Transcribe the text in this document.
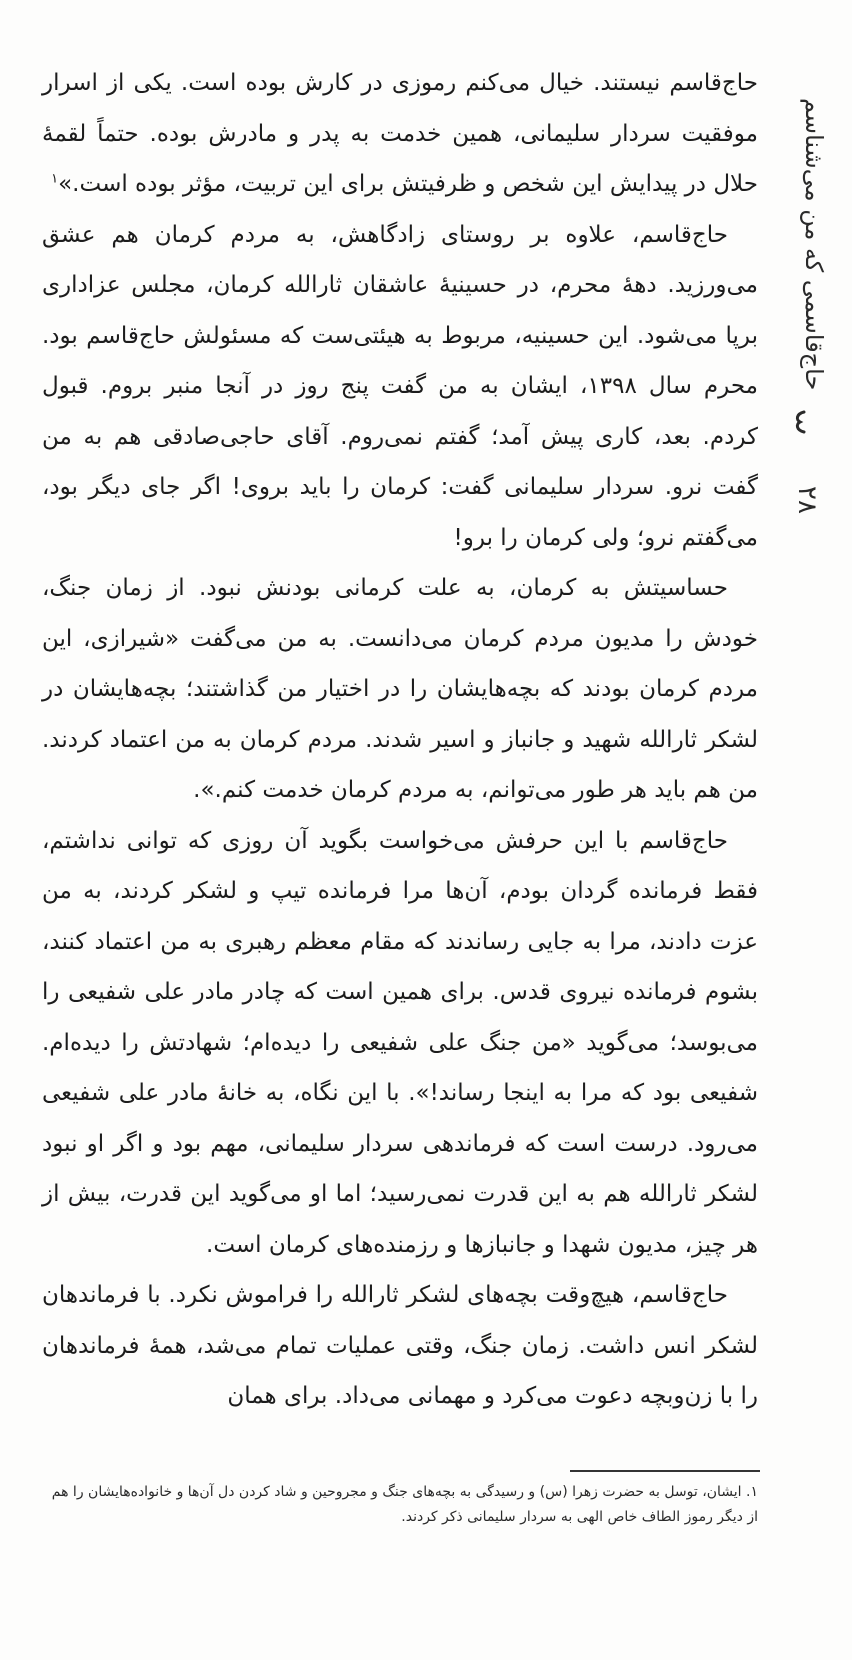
حاج‌قاسمی که من می‌شناسم
۲۸

حاج‌قاسم نیستند. خیال می‌کنم رموزی در کارش بوده است. یکی از اسرار موفقیت سردار سلیمانی، همین خدمت به پدر و مادرش بوده. حتماً لقمهٔ حلال در پیدایش این شخص و ظرفیتش برای این تربیت، مؤثر بوده است.»$^۱$

حاج‌قاسم، علاوه بر روستای زادگاهش، به مردم کرمان هم عشق می‌ورزید. دههٔ محرم، در حسینیهٔ عاشقان ثارالله کرمان، مجلس عزاداری برپا می‌شود. این حسینیه، مربوط به هیئتی‌ست که مسئولش حاج‌قاسم بود. محرم سال ۱۳۹۸، ایشان به من گفت پنج روز در آنجا منبر بروم. قبول کردم. بعد، کاری پیش آمد؛ گفتم نمی‌روم. آقای حاجی‌صادقی هم به من گفت نرو. سردار سلیمانی گفت: کرمان را باید بروی! اگر جای دیگر بود، می‌گفتم نرو؛ ولی کرمان را برو!

حساسیتش به کرمان، به علت کرمانی بودنش نبود. از زمان جنگ، خودش را مدیون مردم کرمان می‌دانست. به من می‌گفت «شیرازی، این مردم کرمان بودند که بچه‌هایشان را در اختیار من گذاشتند؛ بچه‌هایشان در لشکر ثارالله شهید و جانباز و اسیر شدند. مردم کرمان به من اعتماد کردند. من هم باید هر طور می‌توانم، به مردم کرمان خدمت کنم.».

حاج‌قاسم با این حرفش می‌خواست بگوید آن روزی که توانی نداشتم، فقط فرمانده گردان بودم، آن‌ها مرا فرمانده تیپ و لشکر کردند، به من عزت دادند، مرا به جایی رساندند که مقام معظم رهبری به من اعتماد کنند، بشوم فرمانده نیروی قدس. برای همین است که چادر مادر علی شفیعی را می‌بوسد؛ می‌گوید «من جنگ علی شفیعی را دیده‌ام؛ شهادتش را دیده‌ام. شفیعی بود که مرا به اینجا رساند!». با این نگاه، به خانهٔ مادر علی شفیعی می‌رود. درست است که فرماندهی سردار سلیمانی، مهم بود و اگر او نبود لشکر ثارالله هم به این قدرت نمی‌رسید؛ اما او می‌گوید این قدرت، بیش از هر چیز، مدیون شهدا و جانبازها و رزمنده‌های کرمان است.

حاج‌قاسم، هیچ‌وقت بچه‌های لشکر ثارالله را فراموش نکرد. با فرماندهان لشکر انس داشت. زمان جنگ، وقتی عملیات تمام می‌شد، همهٔ فرماندهان را با زن‌وبچه دعوت می‌کرد و مهمانی می‌داد. برای همان

۱. ایشان، توسل به حضرت زهرا (س) و رسیدگی به بچه‌های جنگ و مجروحین و شاد کردن دل آن‌ها و خانواده‌هایشان را هم از دیگر رموز الطاف خاص الهی به سردار سلیمانی ذکر کردند.
